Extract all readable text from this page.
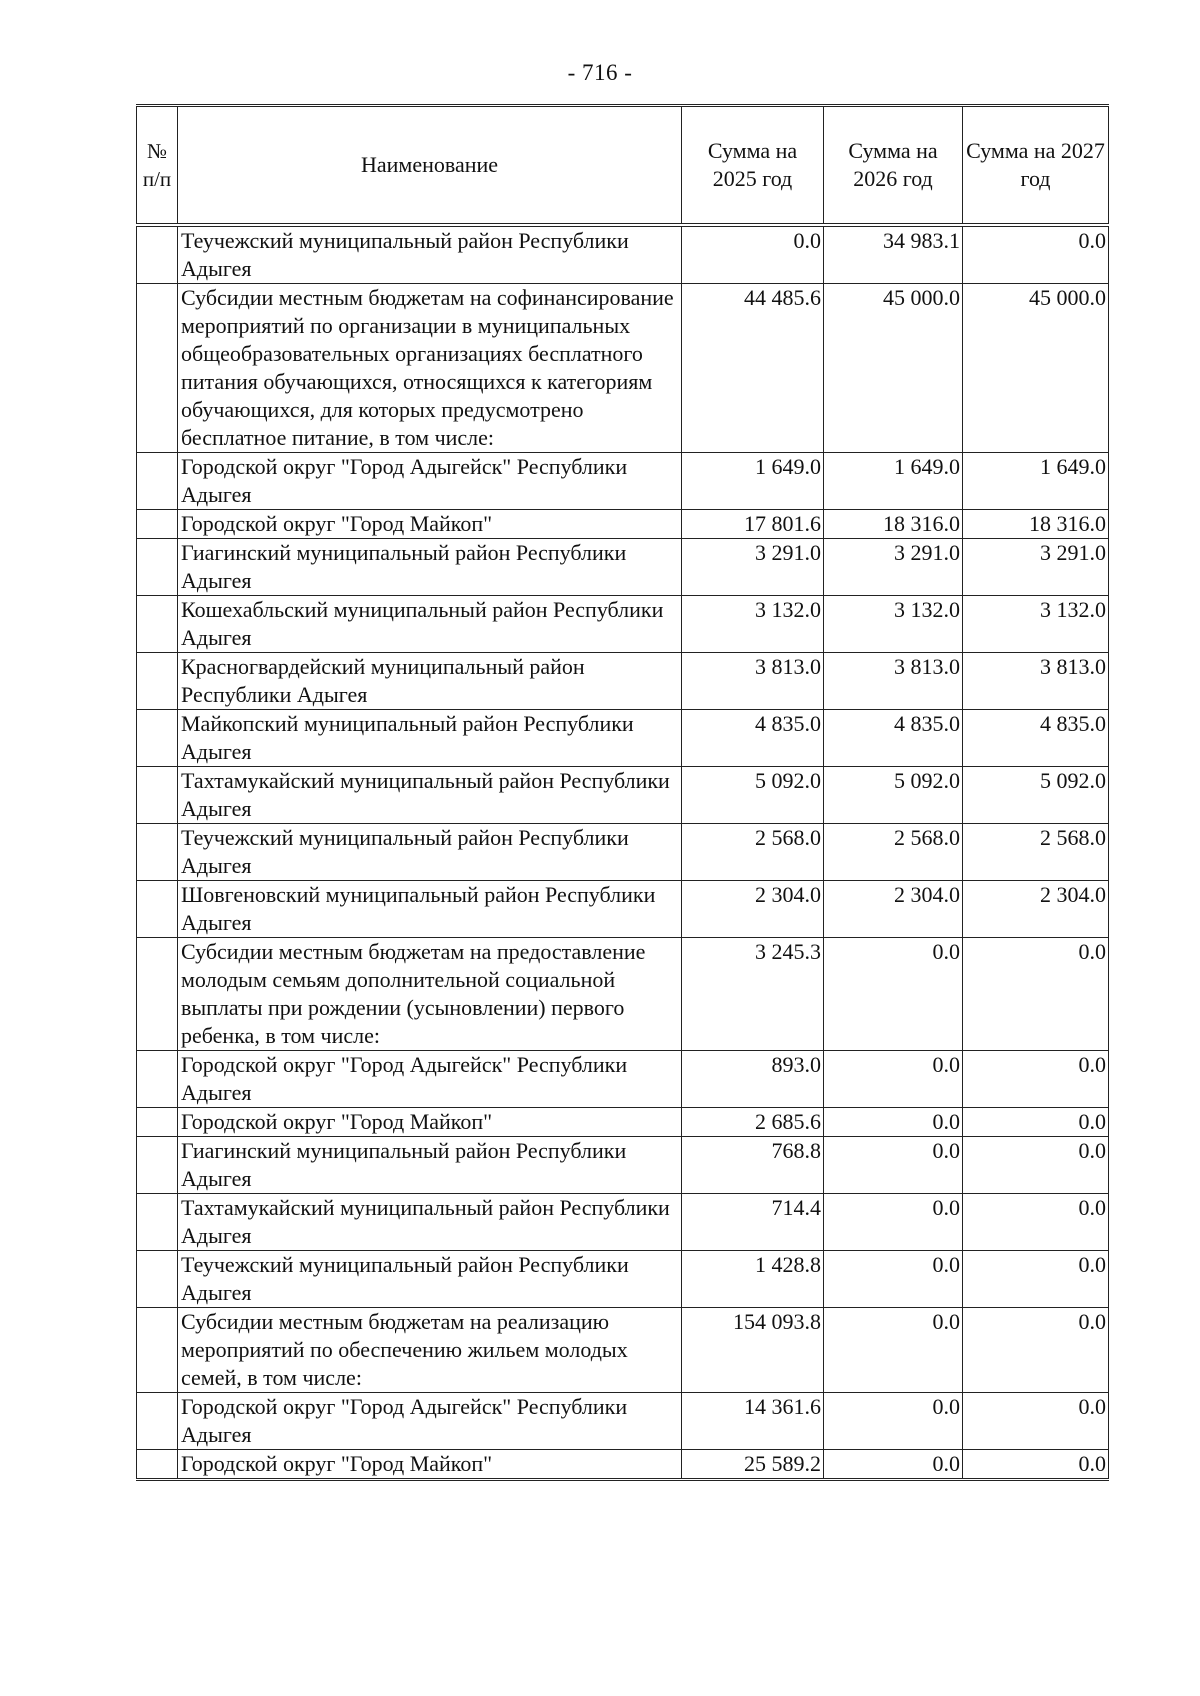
- 716 -
№ п/п	Наименование	Сумма на 2025 год	Сумма на 2026 год	Сумма на 2027 год
	Теучежский муниципальный район Республики Адыгея	0.0	34 983.1	0.0
	Субсидии местным бюджетам на софинансирование мероприятий по организации в муниципальных общеобразовательных организациях бесплатного питания обучающихся, относящихся к категориям обучающихся, для которых предусмотрено бесплатное питание, в том числе:	44 485.6	45 000.0	45 000.0
	Городской округ "Город Адыгейск" Республики Адыгея	1 649.0	1 649.0	1 649.0
	Городской округ "Город Майкоп"	17 801.6	18 316.0	18 316.0
	Гиагинский муниципальный район Республики Адыгея	3 291.0	3 291.0	3 291.0
	Кошехабльский муниципальный район Республики Адыгея	3 132.0	3 132.0	3 132.0
	Красногвардейский муниципальный район Республики Адыгея	3 813.0	3 813.0	3 813.0
	Майкопский муниципальный район Республики Адыгея	4 835.0	4 835.0	4 835.0
	Тахтамукайский муниципальный район Республики Адыгея	5 092.0	5 092.0	5 092.0
	Теучежский муниципальный район Республики Адыгея	2 568.0	2 568.0	2 568.0
	Шовгеновский муниципальный район Республики Адыгея	2 304.0	2 304.0	2 304.0
	Субсидии местным бюджетам на предоставление молодым семьям дополнительной социальной выплаты при рождении (усыновлении) первого ребенка, в том числе:	3 245.3	0.0	0.0
	Городской округ "Город Адыгейск" Республики Адыгея	893.0	0.0	0.0
	Городской округ "Город Майкоп"	2 685.6	0.0	0.0
	Гиагинский муниципальный район Республики Адыгея	768.8	0.0	0.0
	Тахтамукайский муниципальный район Республики Адыгея	714.4	0.0	0.0
	Теучежский муниципальный район Республики Адыгея	1 428.8	0.0	0.0
	Субсидии местным бюджетам на реализацию мероприятий по обеспечению жильем молодых семей, в том числе:	154 093.8	0.0	0.0
	Городской округ "Город Адыгейск" Республики Адыгея	14 361.6	0.0	0.0
	Городской округ "Город Майкоп"	25 589.2	0.0	0.0
